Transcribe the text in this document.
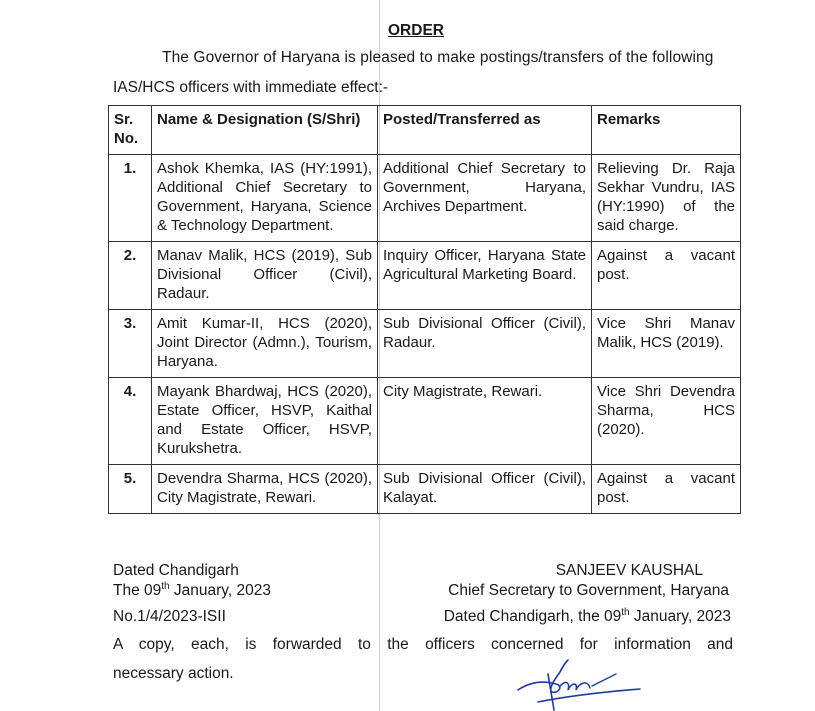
ORDER
The Governor of Haryana is pleased to make postings/transfers of the following
IAS/HCS officers with immediate effect:-
Sr. No.	Name & Designation (S/Shri)	Posted/Transferred as	Remarks
1.	Ashok Khemka, IAS (HY:1991), Additional Chief Secretary to Government, Haryana, Science & Technology Department.	Additional Chief Secretary to Government, Haryana, Archives Department.	Relieving Dr. Raja Sekhar Vundru, IAS (HY:1990) of the said charge.
2.	Manav Malik, HCS (2019), Sub Divisional Officer (Civil), Radaur.	Inquiry Officer, Haryana State Agricultural Marketing Board.	Against a vacant post.
3.	Amit Kumar-II, HCS (2020), Joint Director (Admn.), Tourism, Haryana.	Sub Divisional Officer (Civil), Radaur.	Vice Shri Manav Malik, HCS (2019).
4.	Mayank Bhardwaj, HCS (2020), Estate Officer, HSVP, Kaithal and Estate Officer, HSVP, Kurukshetra.	City Magistrate, Rewari.	Vice Shri Devendra Sharma, HCS (2020).
5.	Devendra Sharma, HCS (2020), City Magistrate, Rewari.	Sub Divisional Officer (Civil), Kalayat.	Against a vacant post.
Dated Chandigarh
The 09th January, 2023
SANJEEV KAUSHAL
Chief Secretary to Government, Haryana
No.1/4/2023-ISII	Dated Chandigarh, the 09th January, 2023
A copy, each, is forwarded to the officers concerned for information and
necessary action.
